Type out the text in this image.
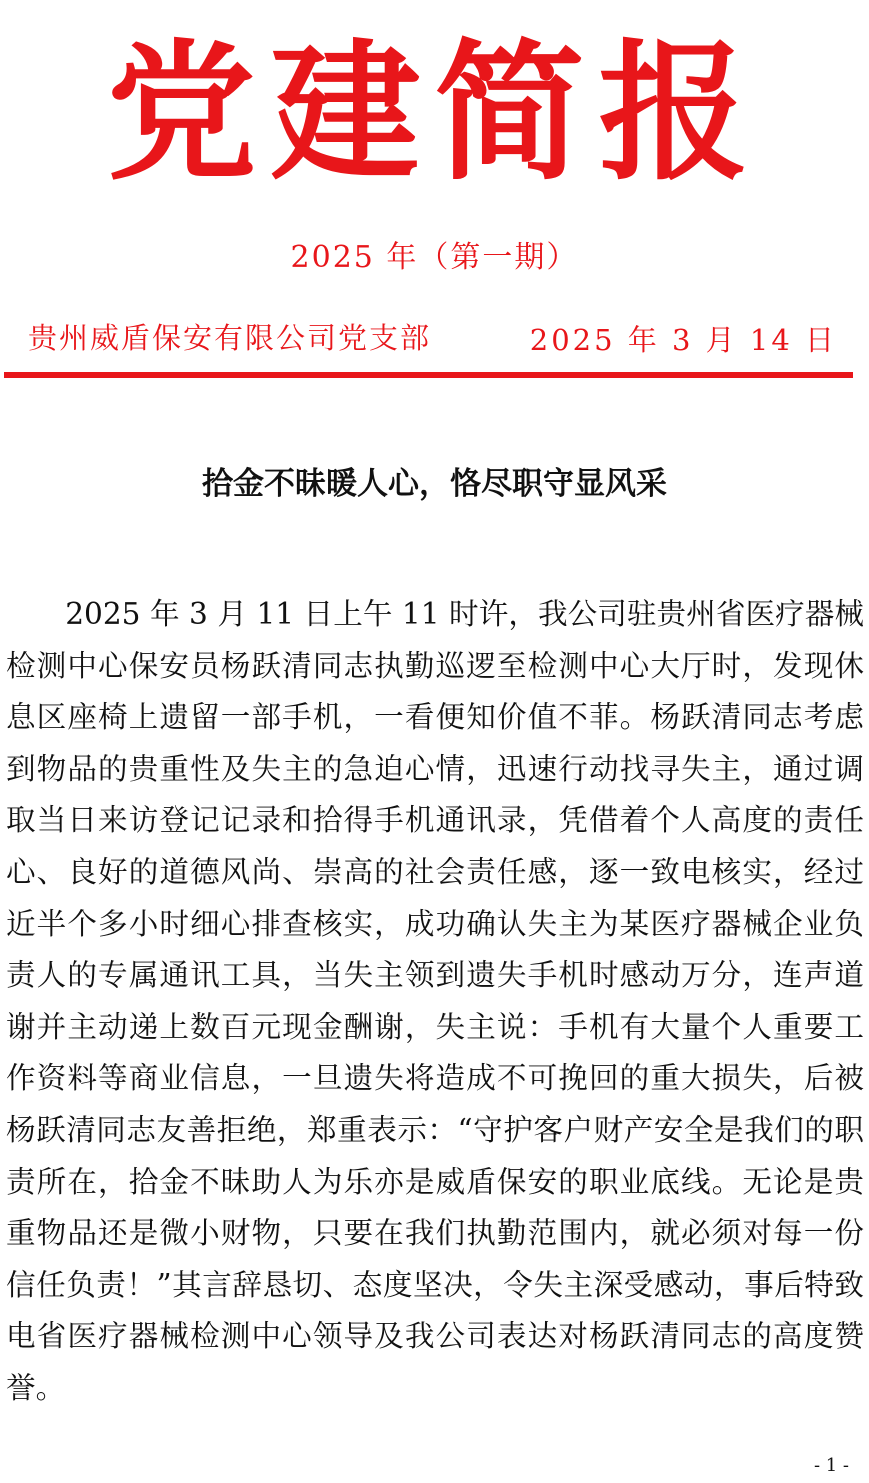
党建简报
2025 年（第一期）
贵州威盾保安有限公司党支部	2025 年 3 月 14 日
拾金不昧暖人心，恪尽职守显风采

2025 年 3 月 11 日上午 11 时许，我公司驻贵州省医疗器械检测中心保安员杨跃清同志执勤巡逻至检测中心大厅时，发现休息区座椅上遗留一部手机，一看便知价值不菲。杨跃清同志考虑到物品的贵重性及失主的急迫心情，迅速行动找寻失主，通过调取当日来访登记记录和拾得手机通讯录，凭借着个人高度的责任心、良好的道德风尚、崇高的社会责任感，逐一致电核实，经过近半个多小时细心排查核实，成功确认失主为某医疗器械企业负责人的专属通讯工具，当失主领到遗失手机时感动万分，连声道谢并主动递上数百元现金酬谢，失主说：手机有大量个人重要工作资料等商业信息，一旦遗失将造成不可挽回的重大损失，后被杨跃清同志友善拒绝，郑重表示：“守护客户财产安全是我们的职责所在，拾金不昧助人为乐亦是威盾保安的职业底线。无论是贵重物品还是微小财物，只要在我们执勤范围内，就必须对每一份信任负责！”其言辞恳切、态度坚决，令失主深受感动，事后特致电省医疗器械检测中心领导及我公司表达对杨跃清同志的高度赞誉。

- 1 -
